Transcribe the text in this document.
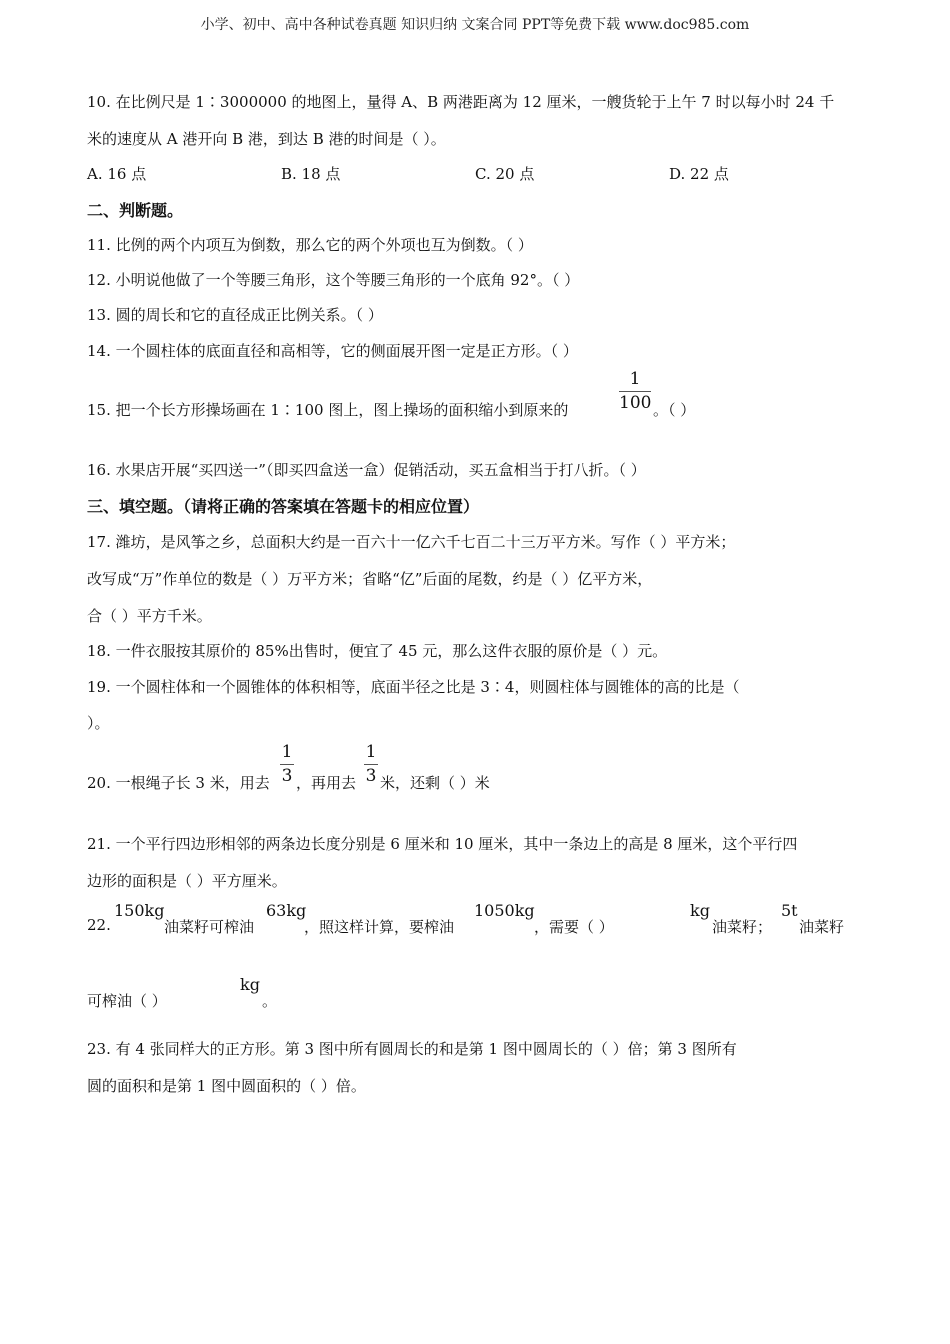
小学、初中、高中各种试卷真题 知识归纳 文案合同 PPT等免费下载 www.doc985.com
10. 在比例尺是 1∶3000000 的地图上，量得 A、B 两港距离为 12 厘米，一艘货轮于上午 7 时以每小时 24 千
米的速度从 A 港开向 B 港，到达 B 港的时间是（ ）。
A. 16 点	B. 18 点	C. 20 点	D. 22 点
二、判断题。
11. 比例的两个内项互为倒数，那么它的两个外项也互为倒数。（ ）
12. 小明说他做了一个等腰三角形，这个等腰三角形的一个底角 92°。（ ）
13. 圆的周长和它的直径成正比例关系。（ ）
14. 一个圆柱体的底面直径和高相等，它的侧面展开图一定是正方形。（ ）
15. 把一个长方形操场画在 1∶100 图上，图上操场的面积缩小到原来的
1
100 。（ ）
16. 水果店开展“买四送一”（即买四盒送一盒）促销活动，买五盒相当于打八折。（ ）
三、填空题。（请将正确的答案填在答题卡的相应位置）
17. 潍坊，是风筝之乡，总面积大约是一百六十一亿六千七百二十三万平方米。写作（ ）平方米；
改写成“万”作单位的数是（ ）万平方米；省略“亿”后面的尾数，约是（ ）亿平方米，
合（ ）平方千米。
18. 一件衣服按其原价的 85%出售时，便宜了 45 元，那么这件衣服的原价是（ ）元。
19. 一个圆柱体和一个圆锥体的体积相等，底面半径之比是 3∶4，则圆柱体与圆锥体的高的比是（
）。
20. 一根绳子长 3 米，用去
1
3 ，再用去
1
3 米，还剩（ ）米
21. 一个平行四边形相邻的两条边长度分别是 6 厘米和 10 厘米，其中一条边上的高是 8 厘米，这个平行四
边形的面积是（ ）平方厘米。
22.
150kg
油菜籽可榨油
63kg
，照这样计算，要榨油
1050kg
，需要（ ）
kg
油菜籽；
5t
油菜籽
可榨油（ ）
kg
。
23. 有 4 张同样大的正方形。第 3 图中所有圆周长的和是第 1 图中圆周长的（ ）倍；第 3 图所有
圆的面积和是第 1 图中圆面积的（ ）倍。
